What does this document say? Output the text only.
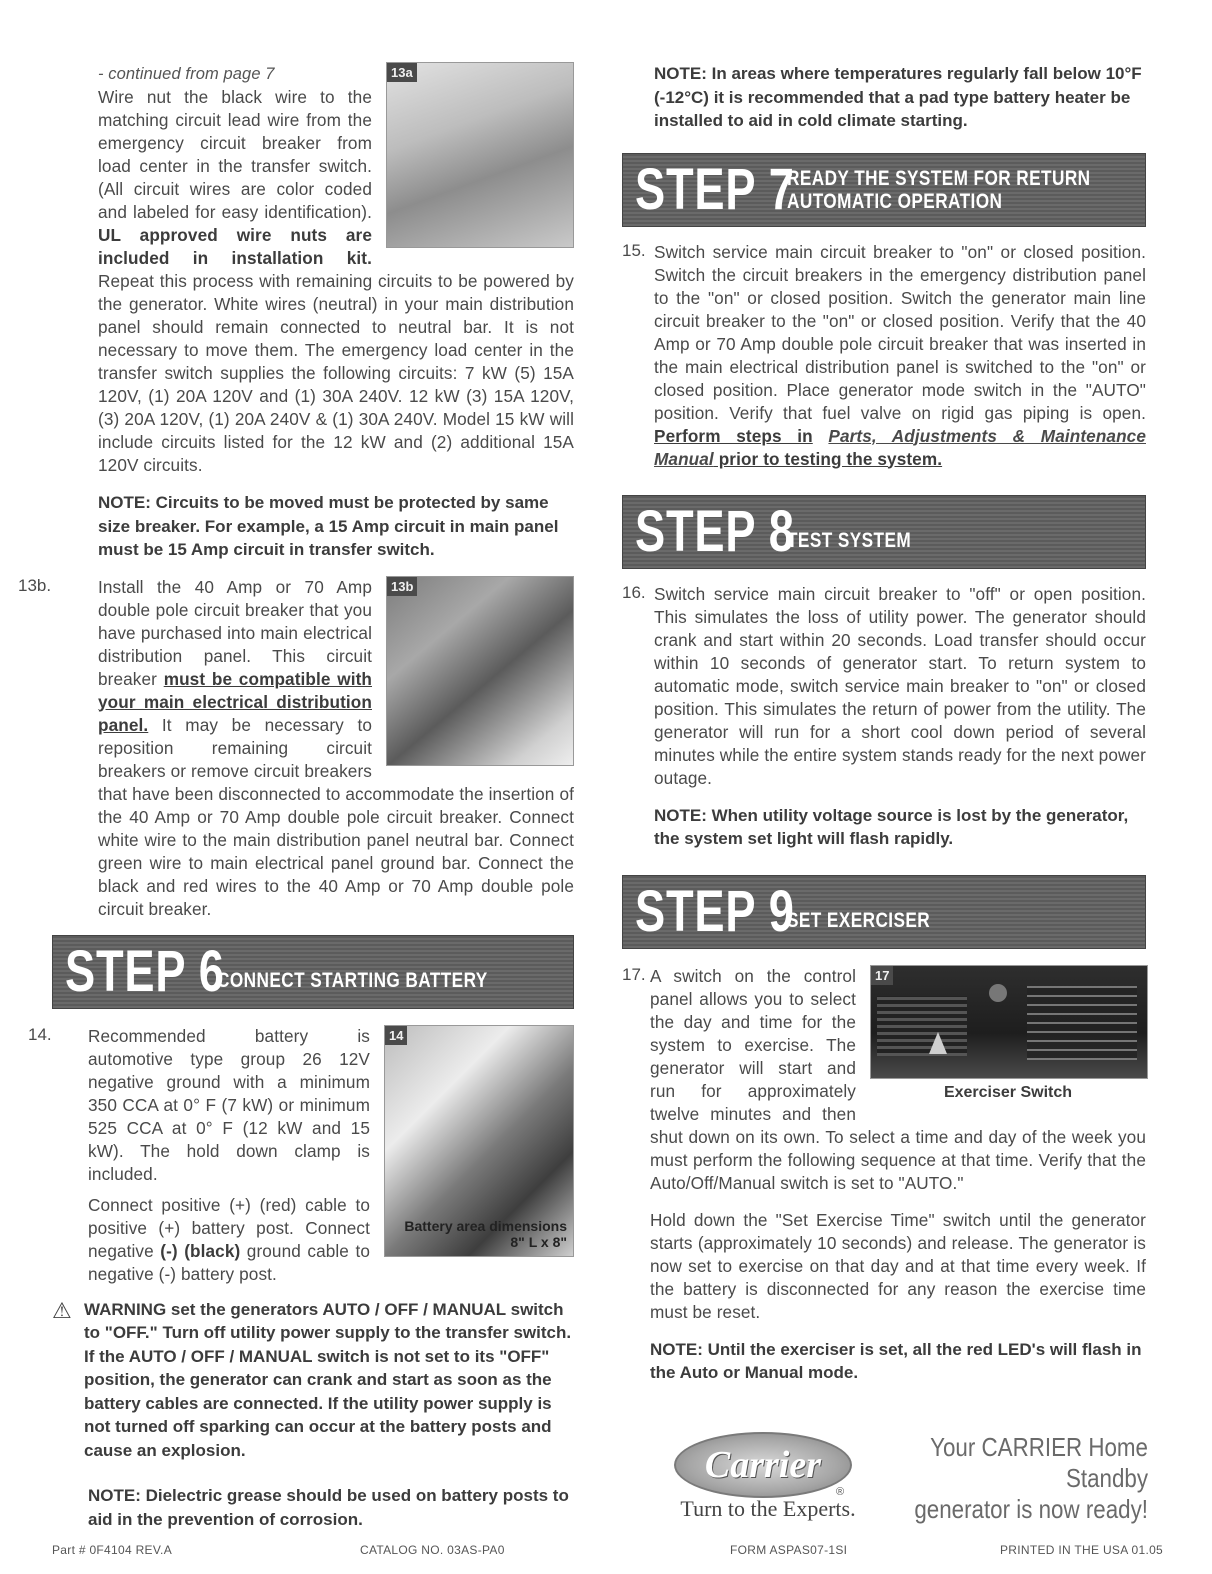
13a

- continued from page 7
Wire nut the black wire to the matching circuit lead wire from the emergency circuit breaker from load center in the transfer switch. (All circuit wires are color coded and labeled for easy identification). UL approved wire nuts are included in installation kit. Repeat this process with remaining circuits to be powered by the generator. White wires (neutral) in your main distribution panel should remain connected to neutral bar. It is not necessary to move them. The emergency load center in the transfer switch supplies the following circuits: 7 kW (5) 15A 120V, (1) 20A 120V and (1) 30A 240V. 12 kW (3) 15A 120V, (3) 20A 120V, (1) 20A 240V & (1) 30A 240V. Model 15 kW will include circuits listed for the 12 kW and (2) additional 15A 120V circuits.

NOTE: Circuits to be moved must be protected by same size breaker. For example, a 15 Amp circuit in main panel must be 15 Amp circuit in transfer switch.

13b.	13b

Install the 40 Amp or 70 Amp double pole circuit breaker that you have purchased into main electrical distribution panel. This circuit breaker must be compatible with your main electrical distribution panel. It may be necessary to reposition remaining circuit breakers or remove circuit breakers that have been disconnected to accommodate the insertion of the 40 Amp or 70 Amp double pole circuit breaker. Connect white wire to the main distribution panel neutral bar. Connect green wire to main electrical panel ground bar. Connect the black and red wires to the 40 Amp or 70 Amp double pole circuit breaker.

STEP 6
CONNECT STARTING BATTERY
14.	14
Battery area dimensions 8" L x 8"

Recommended battery is automotive type group 26 12V negative ground with a minimum 350 CCA at 0° F (7 kW) or minimum 525 CCA at 0° F (12 kW and 15 kW). The hold down clamp is included.

Connect positive (+) (red) cable to positive (+) battery post. Connect negative (-) (black) ground cable to negative (-) battery post.

⚠ WARNING set the generators AUTO / OFF / MANUAL switch to "OFF." Turn off utility power supply to the transfer switch. If the AUTO / OFF / MANUAL switch is not set to its "OFF" position, the generator can crank and start as soon as the battery cables are connected. If the utility power supply is not turned off sparking can occur at the battery posts and cause an explosion.

NOTE: Dielectric grease should be used on battery posts to aid in the prevention of corrosion.

NOTE: In areas where temperatures regularly fall below 10°F (-12°C) it is recommended that a pad type battery heater be installed to aid in cold climate starting.

STEP 7
READY THE SYSTEM FOR RETURN
AUTOMATIC OPERATION
15. Switch service main circuit breaker to "on" or closed position. Switch the circuit breakers in the emergency distribution panel to the "on" or closed position. Switch the generator main line circuit breaker to the "on" or closed position. Verify that the 40 Amp or 70 Amp double pole circuit breaker that was inserted in the main electrical distribution panel is switched to the "on" or closed position. Place generator mode switch in the "AUTO" position. Verify that fuel valve on rigid gas piping is open. Perform steps in Parts, Adjustments & Maintenance Manual prior to testing the system.

STEP 8
TEST SYSTEM
16. Switch service main circuit breaker to "off" or open position. This simulates the loss of utility power. The generator should crank and start within 20 seconds. Load transfer should occur within 10 seconds of generator start. To return system to automatic mode, switch service main breaker to "on" or closed position. This simulates the return of power from the utility. The generator will run for a short cool down period of several minutes while the entire system stands ready for the next power outage.

NOTE: When utility voltage source is lost by the generator, the system set light will flash rapidly.

STEP 9
SET EXERCISER
17.	17
Exerciser Switch

A switch on the control panel allows you to select the day and time for the system to exercise. The generator will start and run for approximately twelve minutes and then shut down on its own. To select a time and day of the week you must perform the following sequence at that time. Verify that the Auto/Off/Manual switch is set to "AUTO."

Hold down the "Set Exercise Time" switch until the generator starts (approximately 10 seconds) and release. The generator is now set to exercise on that day and at that time every week. If the battery is disconnected for any reason the exercise time must be reset.

NOTE: Until the exerciser is set, all the red LED's will flash in the Auto or Manual mode.

Carrier
®
Turn to the Experts.
Your CARRIER Home Standby
generator is now ready!
Part # 0F4104 REV.A	CATALOG NO. 03AS-PA0	FORM ASPAS07-1SI	PRINTED IN THE USA 01.05
